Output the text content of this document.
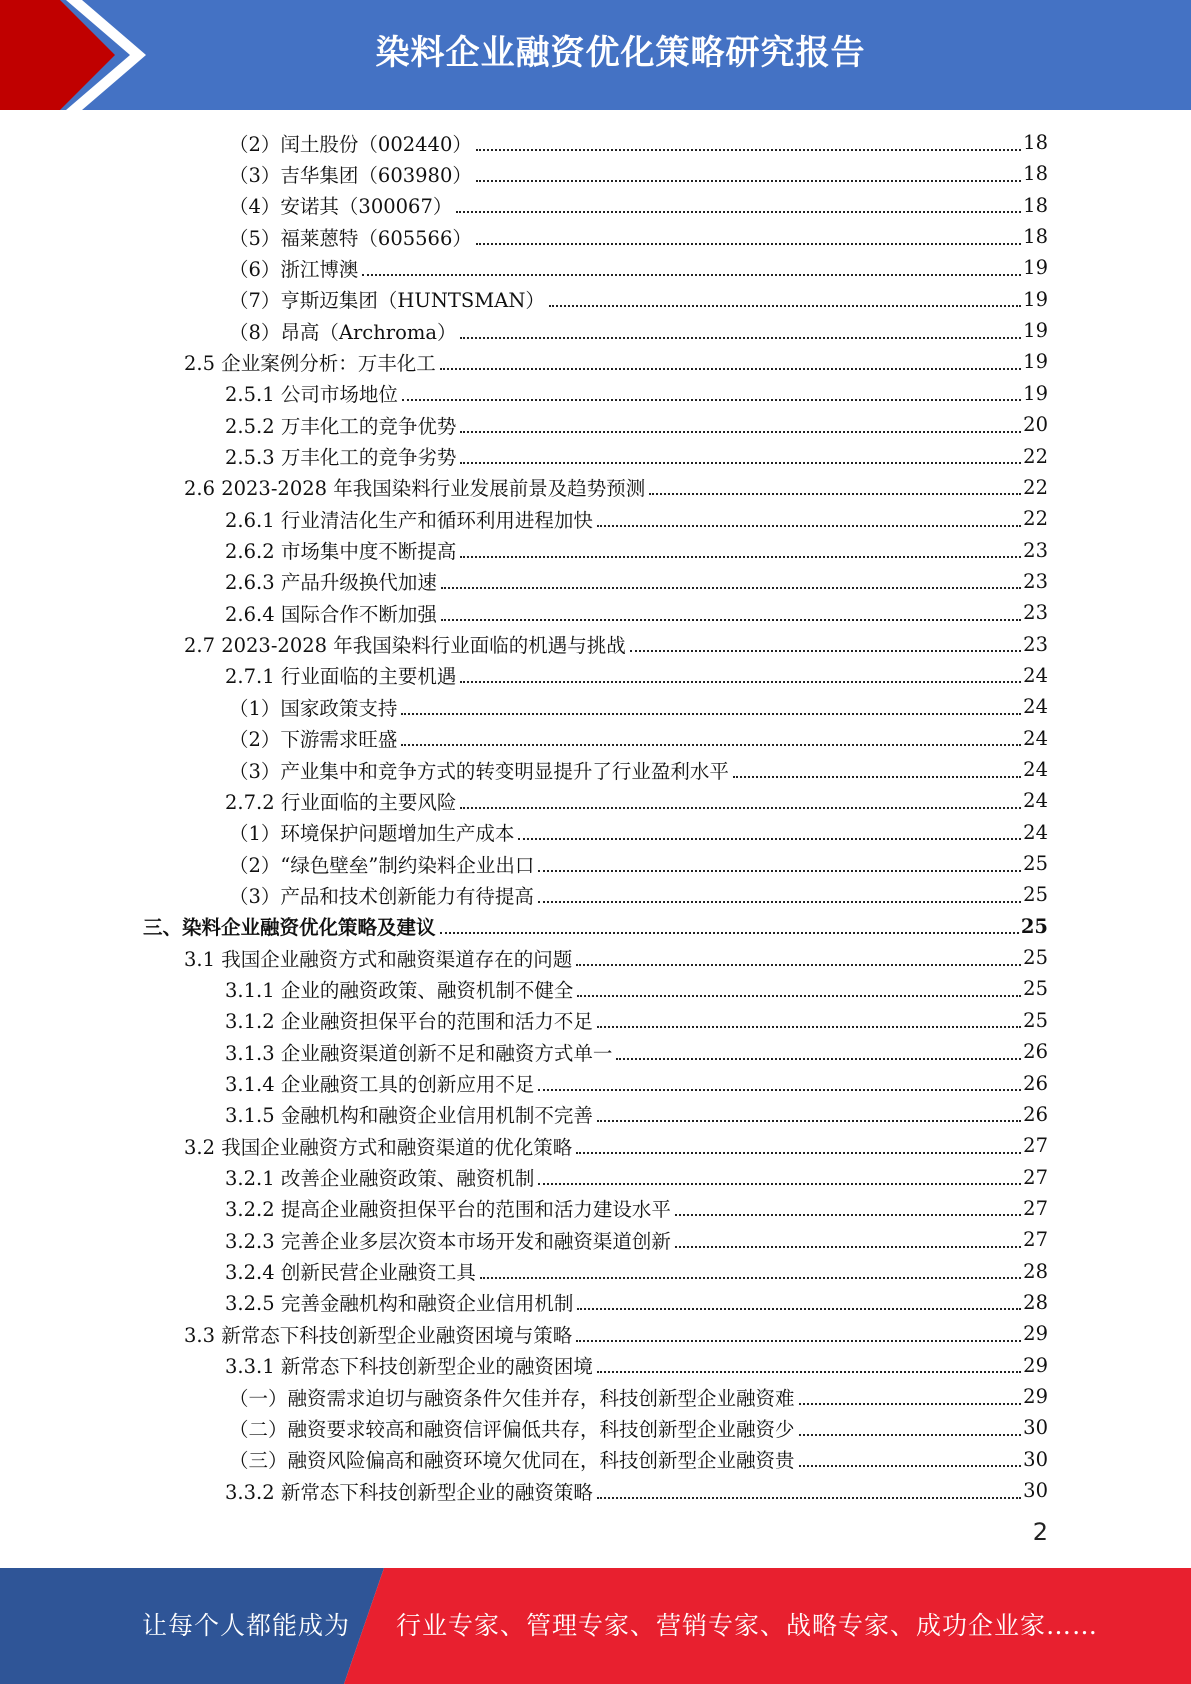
染料企业融资优化策略研究报告
（2）闰土股份（002440）	18
（3）吉华集团（603980）	18
（4）安诺其（300067）	18
（5）福莱蒽特（605566）	18
（6）浙江博澳	19
（7）亨斯迈集团（HUNTSMAN）	19
（8）昂高（Archroma）	19
2.5 企业案例分析：万丰化工	19
2.5.1 公司市场地位	19
2.5.2 万丰化工的竞争优势	20
2.5.3 万丰化工的竞争劣势	22
2.6 2023-2028 年我国染料行业发展前景及趋势预测	22
2.6.1 行业清洁化生产和循环利用进程加快	22
2.6.2 市场集中度不断提高	23
2.6.3 产品升级换代加速	23
2.6.4 国际合作不断加强	23
2.7 2023-2028 年我国染料行业面临的机遇与挑战	23
2.7.1 行业面临的主要机遇	24
（1）国家政策支持	24
（2）下游需求旺盛	24
（3）产业集中和竞争方式的转变明显提升了行业盈利水平	24
2.7.2 行业面临的主要风险	24
（1）环境保护问题增加生产成本	24
（2）“绿色壁垒”制约染料企业出口	25
（3）产品和技术创新能力有待提高	25
三、染料企业融资优化策略及建议	25
3.1 我国企业融资方式和融资渠道存在的问题	25
3.1.1 企业的融资政策、融资机制不健全	25
3.1.2 企业融资担保平台的范围和活力不足	25
3.1.3 企业融资渠道创新不足和融资方式单一	26
3.1.4 企业融资工具的创新应用不足	26
3.1.5 金融机构和融资企业信用机制不完善	26
3.2 我国企业融资方式和融资渠道的优化策略	27
3.2.1 改善企业融资政策、融资机制	27
3.2.2 提高企业融资担保平台的范围和活力建设水平	27
3.2.3 完善企业多层次资本市场开发和融资渠道创新	27
3.2.4 创新民营企业融资工具	28
3.2.5 完善金融机构和融资企业信用机制	28
3.3 新常态下科技创新型企业融资困境与策略	29
3.3.1 新常态下科技创新型企业的融资困境	29
（一）融资需求迫切与融资条件欠佳并存，科技创新型企业融资难	29
（二）融资要求较高和融资信评偏低共存，科技创新型企业融资少	30
（三）融资风险偏高和融资环境欠优同在，科技创新型企业融资贵	30
3.3.2 新常态下科技创新型企业的融资策略	30
2
让每个人都能成为 行业专家、管理专家、营销专家、战略专家、成功企业家……
